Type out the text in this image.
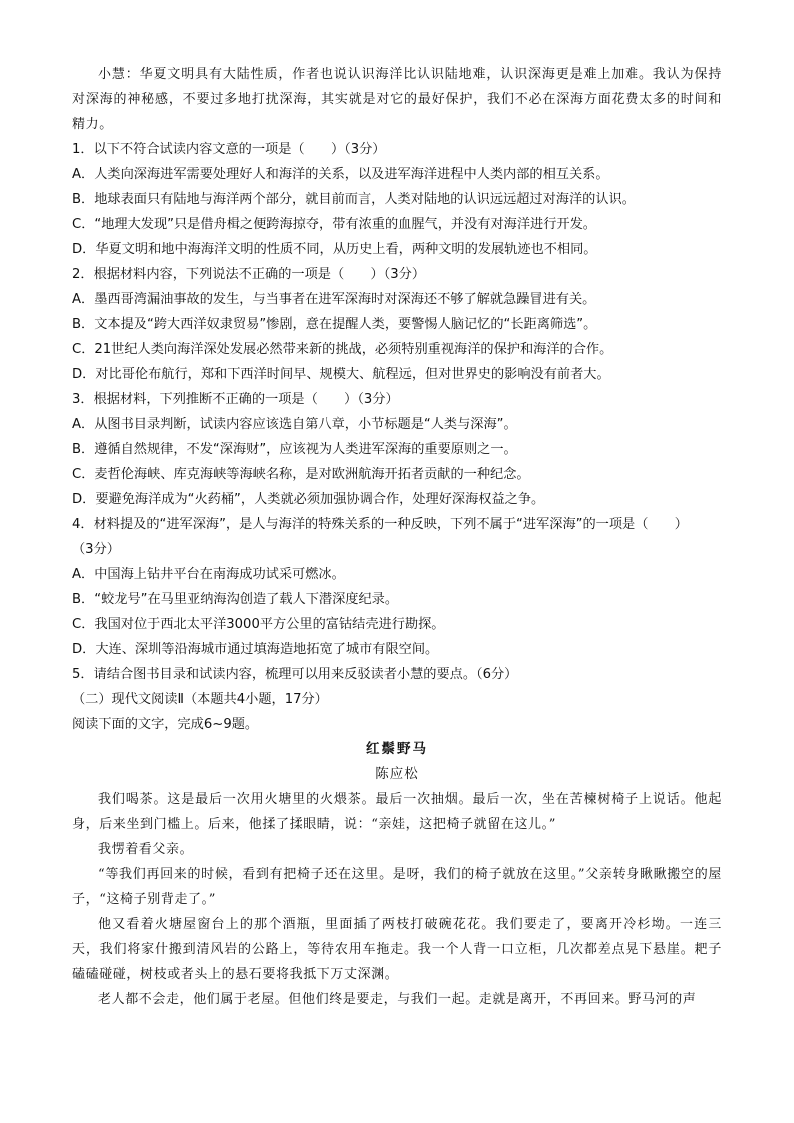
小慧：华夏文明具有大陆性质，作者也说认识海洋比认识陆地难，认识深海更是难上加难。我认为保持对深海的神秘感，不要过多地打扰深海，其实就是对它的最好保护，我们不必在深海方面花费太多的时间和精力。

1．以下不符合试读内容文意的一项是（　　）（3分）

A．人类向深海进军需要处理好人和海洋的关系，以及进军海洋进程中人类内部的相互关系。

B．地球表面只有陆地与海洋两个部分，就目前而言，人类对陆地的认识远远超过对海洋的认识。

C．“地理大发现”只是借舟楫之便跨海掠夺，带有浓重的血腥气，并没有对海洋进行开发。

D．华夏文明和地中海海洋文明的性质不同，从历史上看，两种文明的发展轨迹也不相同。

2．根据材料内容，下列说法不正确的一项是（　　）（3分）

A．墨西哥湾漏油事故的发生，与当事者在进军深海时对深海还不够了解就急躁冒进有关。

B．文本提及“跨大西洋奴隶贸易”惨剧，意在提醒人类，要警惕人脑记忆的“长距离筛选”。

C．21世纪人类向海洋深处发展必然带来新的挑战，必须特别重视海洋的保护和海洋的合作。

D．对比哥伦布航行，郑和下西洋时间早、规模大、航程远，但对世界史的影响没有前者大。

3．根据材料，下列推断不正确的一项是（　　）（3分）

A．从图书目录判断，试读内容应该选自第八章，小节标题是“人类与深海”。

B．遵循自然规律，不发“深海财”，应该视为人类进军深海的重要原则之一。

C．麦哲伦海峡、库克海峡等海峡名称，是对欧洲航海开拓者贡献的一种纪念。

D．要避免海洋成为“火药桶”，人类就必须加强协调合作，处理好深海权益之争。

4．材料提及的“进军深海”，是人与海洋的特殊关系的一种反映，下列不属于“进军深海”的一项是（　　）

（3分）

A．中国海上钻井平台在南海成功试采可燃冰。

B．“蛟龙号”在马里亚纳海沟创造了载人下潜深度纪录。

C．我国对位于西北太平洋3000平方公里的富钴结壳进行勘探。

D．大连、深圳等沿海城市通过填海造地拓宽了城市有限空间。

5．请结合图书目录和试读内容，梳理可以用来反驳读者小慧的要点。（6分）

（二）现代文阅读Ⅱ（本题共4小题，17分）

阅读下面的文字，完成6~9题。

红鬃野马

陈应松

我们喝茶。这是最后一次用火塘里的火煨茶。最后一次抽烟。最后一次，坐在苦楝树椅子上说话。他起身，后来坐到门槛上。后来，他揉了揉眼睛，说：“亲娃，这把椅子就留在这儿。”

我愣着看父亲。

“等我们再回来的时候，看到有把椅子还在这里。是呀，我们的椅子就放在这里。”父亲转身瞅瞅搬空的屋子，“这椅子别背走了。”

他又看着火塘屋窗台上的那个酒瓶，里面插了两枝打破碗花花。我们要走了，要离开冷杉坳。一连三天，我们将家什搬到清风岩的公路上，等待农用车拖走。我一个人背一口立柜，几次都差点晃下悬崖。耙子磕磕碰碰，树枝或者头上的悬石要将我抵下万丈深渊。

老人都不会走，他们属于老屋。但他们终是要走，与我们一起。走就是离开，不再回来。野马河的声
